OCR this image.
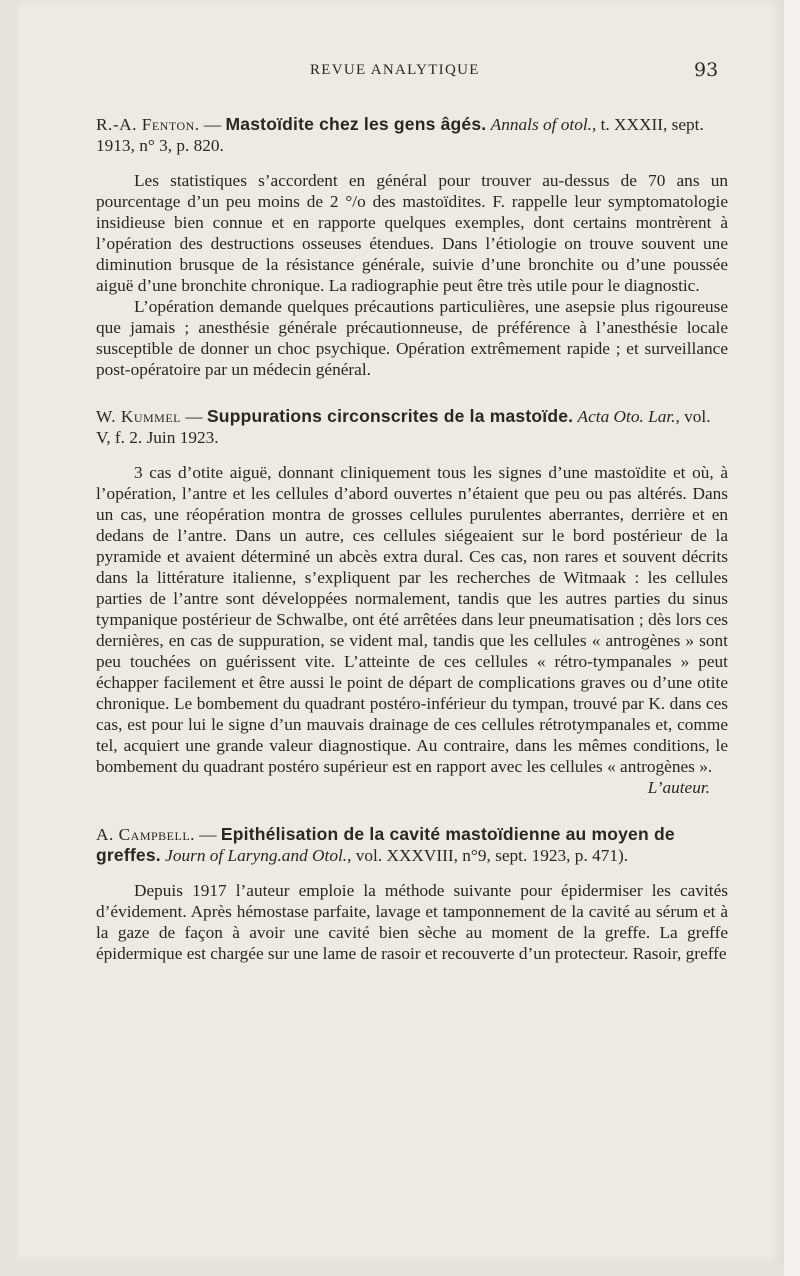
REVUE ANALYTIQUE	93

R.-A. Fenton. — Mastoïdite chez les gens âgés. Annals of otol., t. XXXII, sept. 1913, n° 3, p. 820.

Les statistiques s’accordent en général pour trouver au-dessus de 70 ans un pourcentage d’un peu moins de 2 °/o des mastoïdites. F. rappelle leur symptomatologie insidieuse bien connue et en rapporte quelques exemples, dont certains montrèrent à l’opération des destructions osseuses étendues. Dans l’étiologie on trouve souvent une diminution brusque de la résistance générale, suivie d’une bronchite ou d’une poussée aiguë d’une bronchite chronique. La radiographie peut être très utile pour le diagnostic.

L’opération demande quelques précautions particulières, une asepsie plus rigoureuse que jamais ; anesthésie générale précautionneuse, de préférence à l’anesthésie locale susceptible de donner un choc psychique. Opération extrêmement rapide ; et surveillance post-opératoire par un médecin général.

W. Kummel — Suppurations circonscrites de la mastoïde. Acta Oto. Lar., vol. V, f. 2. Juin 1923.

3 cas d’otite aiguë, donnant cliniquement tous les signes d’une mastoïdite et où, à l’opération, l’antre et les cellules d’abord ouvertes n’étaient que peu ou pas altérés. Dans un cas, une réopération montra de grosses cellules purulentes aberrantes, derrière et en dedans de l’antre. Dans un autre, ces cellules siégeaient sur le bord postérieur de la pyramide et avaient déterminé un abcès extra dural. Ces cas, non rares et souvent décrits dans la littérature italienne, s’expliquent par les recherches de Witmaak : les cellules parties de l’antre sont développées normalement, tandis que les autres parties du sinus tympanique postérieur de Schwalbe, ont été arrêtées dans leur pneumatisation ; dès lors ces dernières, en cas de suppuration, se vident mal, tandis que les cellules « antrogènes » sont peu touchées on guérissent vite. L’atteinte de ces cellules « rétro-tympanales » peut échapper facilement et être aussi le point de départ de complications graves ou d’une otite chronique. Le bombement du quadrant postéro-inférieur du tympan, trouvé par K. dans ces cas, est pour lui le signe d’un mauvais drainage de ces cellules rétrotympanales et, comme tel, acquiert une grande valeur diagnostique. Au contraire, dans les mêmes conditions, le bombement du quadrant postéro supérieur est en rapport avec les cellules « antrogènes ».

L’auteur.

A. Campbell. — Epithélisation de la cavité mastoïdienne au moyen de greffes. Journ of Laryng.and Otol., vol. XXXVIII, n°9, sept. 1923, p. 471).

Depuis 1917 l’auteur emploie la méthode suivante pour épidermiser les cavités d’évidement. Après hémostase parfaite, lavage et tamponnement de la cavité au sérum et à la gaze de façon à avoir une cavité bien sèche au moment de la greffe. La greffe épidermique est chargée sur une lame de rasoir et recouverte d’un protecteur. Rasoir, greffe
